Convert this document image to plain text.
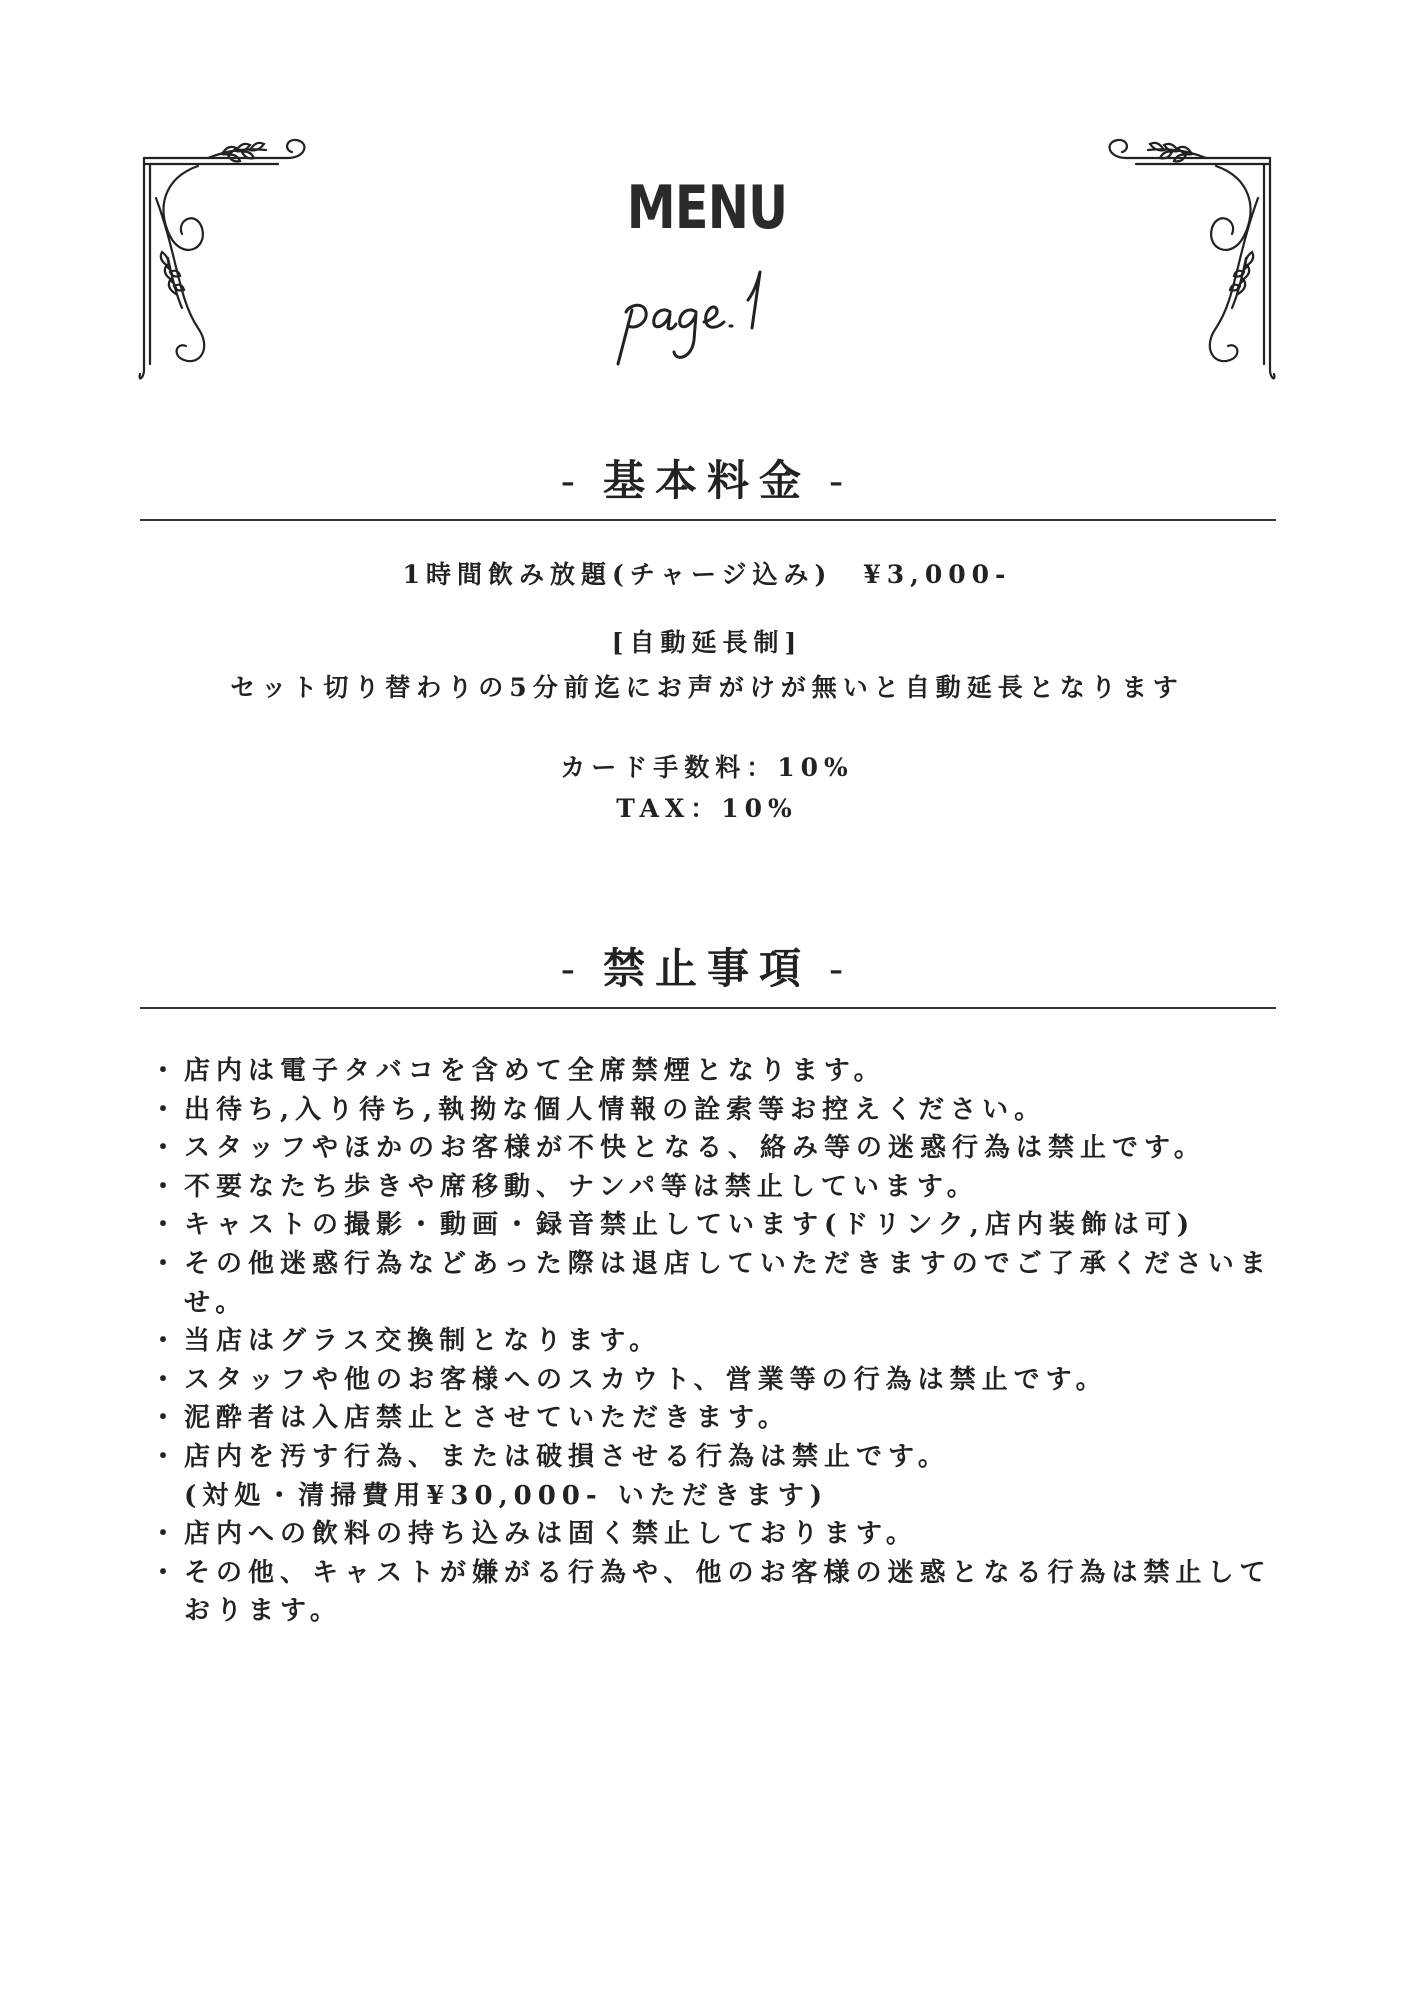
MENU
- 基本料金 -
1時間飲み放題(チャージ込み)　¥3,000-
[自動延長制]
セット切り替わりの5分前迄にお声がけが無いと自動延長となります
カード手数料：10%
TAX：10%
- 禁止事項 -
・ 店内は電子タバコを含めて全席禁煙となります。
・ 出待ち,入り待ち,執拗な個人情報の詮索等お控えください。
・ スタッフやほかのお客様が不快となる、絡み等の迷惑行為は禁止です。
・ 不要なたち歩きや席移動、ナンパ等は禁止しています。
・ キャストの撮影・動画・録音禁止しています(ドリンク,店内装飾は可)
・ その他迷惑行為などあった際は退店していただきますのでご了承くださいませ。
・ 当店はグラス交換制となります。
・ スタッフや他のお客様へのスカウト、営業等の行為は禁止です。
・ 泥酔者は入店禁止とさせていただきます。
・ 店内を汚す行為、または破損させる行為は禁止です。
(対処・清掃費用¥30,000- いただきます)
・ 店内への飲料の持ち込みは固く禁止しております。
・ その他、キャストが嫌がる行為や、他のお客様の迷惑となる行為は禁止しております。
